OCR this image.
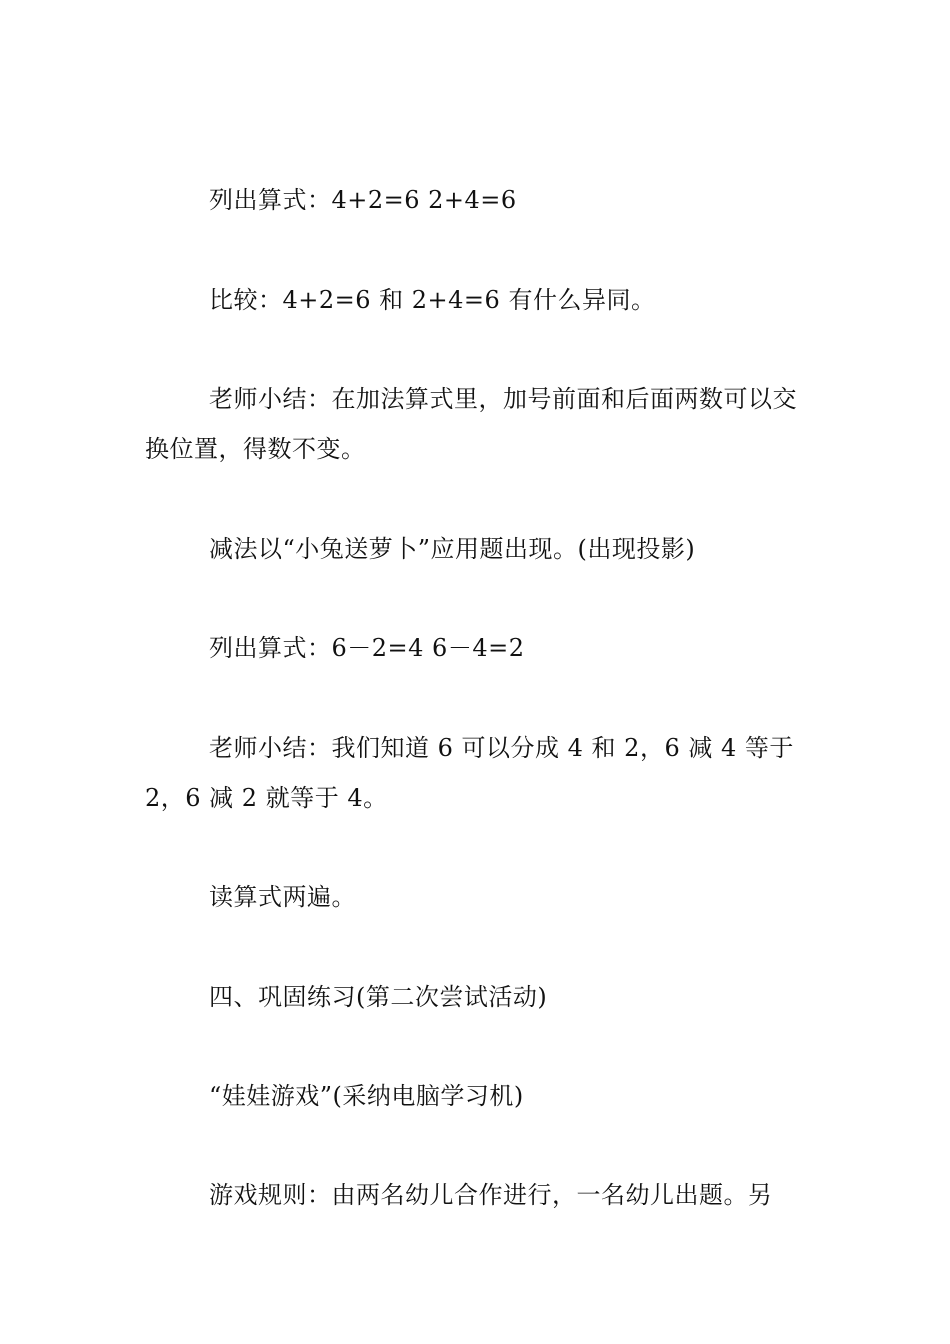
列出算式：4+2=6 2+4=6

比较：4+2=6 和 2+4=6 有什么异同。

老师小结：在加法算式里，加号前面和后面两数可以交换位置，得数不变。

减法以“小兔送萝卜”应用题出现。(出现投影)

列出算式：6－2=4 6－4=2

老师小结：我们知道 6 可以分成 4 和 2，6 减 4 等于 2，6 减 2 就等于 4。

读算式两遍。

四、巩固练习(第二次尝试活动)

“娃娃游戏”(采纳电脑学习机)

游戏规则：由两名幼儿合作进行，一名幼儿出题。另
